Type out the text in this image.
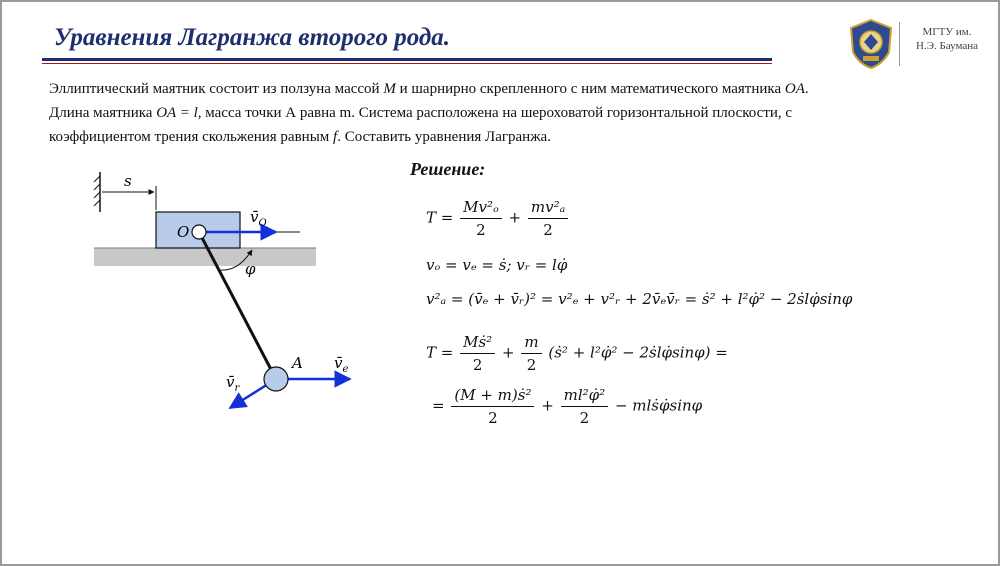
Уравнения Лагранжа второго рода.	МГТУ им.
Н.Э. Баумана

Эллиптический маятник состоит из ползуна массой M и шарнирно скрепленного с ним математического маятника OA. Длина маятника OA = l, масса точки А равна m. Система расположена на шероховатой горизонтальной плоскости, с коэффициентом трения скольжения равным f. Составить уравнения Лагранжа.

s
φ
$v̄_O$
O
$v̄_e$
$v̄_r$
A

Решение:

$T = \frac{\text{Mv²ₒ}}{2} + \frac{\text{mv²ₐ}}{2}$
vₒ = vₑ = ṡ; vᵣ = lφ̇
v²ₐ = (v̄ₑ + v̄ᵣ)² = v²ₑ + v²ᵣ + 2v̄ₑv̄ᵣ = ṡ² + l²φ̇² − 2ṡlφ̇sinφ
$T = \frac{\text{Mṡ²}}{2} + \frac{m}{2}$ (ṡ² + l²φ̇² − 2ṡlφ̇sinφ) =
= $\frac{\text{(M + m)ṡ²}}{2} + \frac{\text{ml²φ̇²}}{2}$ − mlṡφ̇sinφ
